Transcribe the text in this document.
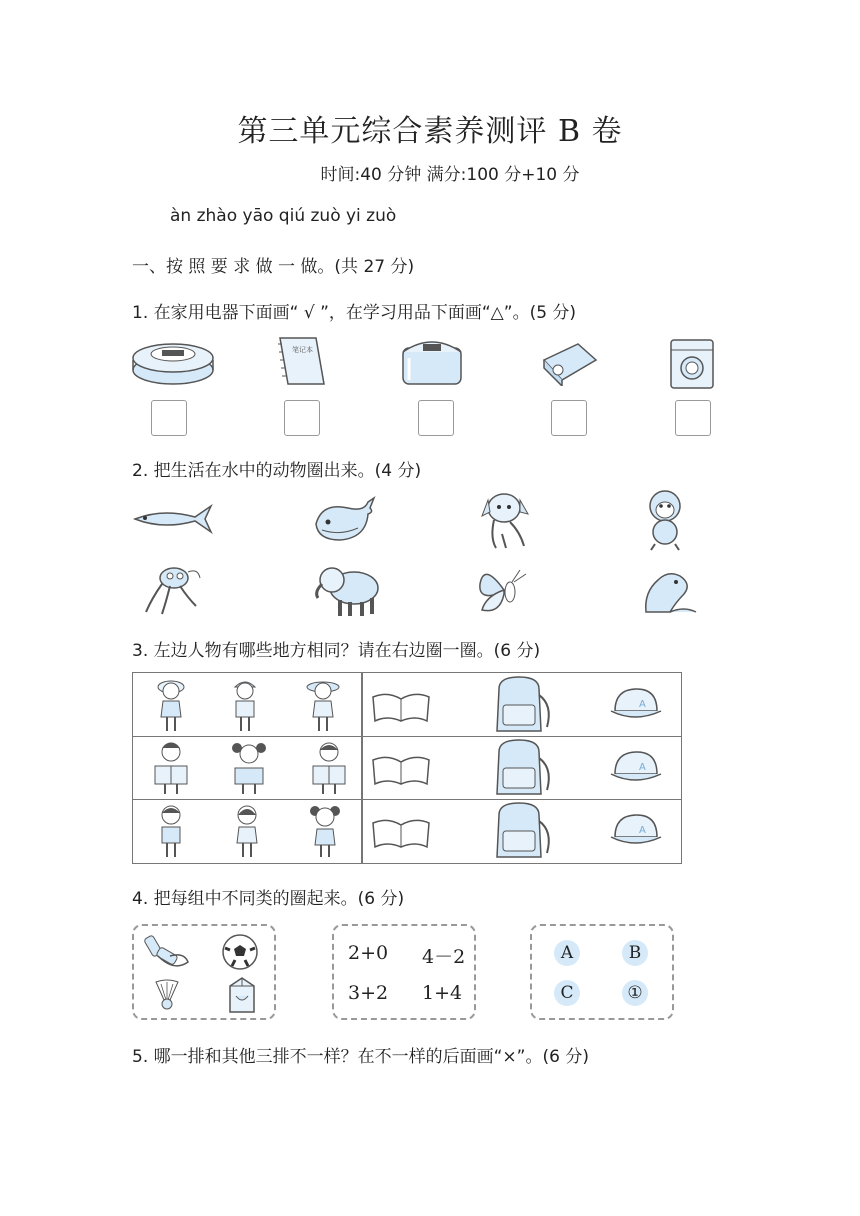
第三单元综合素养测评 B 卷
时间:40 分钟 满分:100 分+10 分
àn zhào yāo qiú zuò yi zuò
一、按 照 要 求 做 一 做。(共 27 分)
1. 在家用电器下面画“ √ ”，在学习用品下面画“△”。(5 分)
笔记本
2. 把生活在水中的动物圈出来。(4 分)
3. 左边人物有哪些地方相同？请在右边圈一圈。(6 分)
A
A
A
4. 把每组中不同类的圈起来。(6 分)
2+0 4－2
3+2 1+4
A	B
C	①
5. 哪一排和其他三排不一样？在不一样的后面画“×”。(6 分)
